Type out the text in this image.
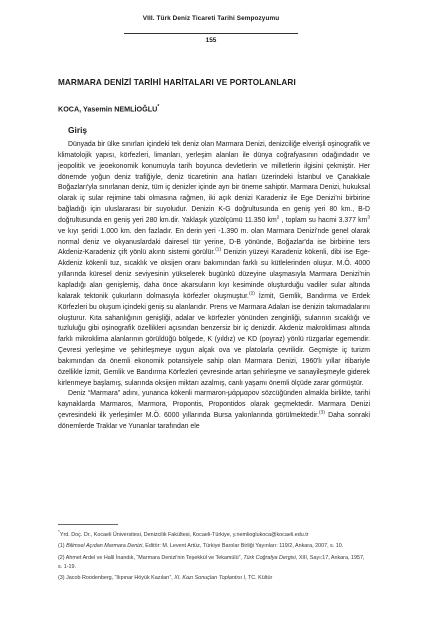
VIII. Türk Deniz Ticareti Tarihi Sempozyumu
155
MARMARA DENİZİ TARİHİ HARİTALARI VE PORTOLANLARI
KOCA, Yasemin NEMLİOĞLU*
Giriş

Dünyada bir ülke sınırları içindeki tek deniz olan Marmara Denizi, denizciliğe elverişli oşinografik ve klimatolojik yapısı, körfezleri, limanları, yerleşim alanları ile dünya coğrafyasının odağındadır ve jeopolitik ve jeoekonomik konumuyla tarih boyunca devletlerin ve milletlerin ilgisini çekmiştir. Her dönemde yoğun deniz trafiğiyle, deniz ticaretinin ana hatları üzerindeki İstanbul ve Çanakkale Boğazları'yla sınırlanan deniz, tüm iç denizler içinde ayrı bir öneme sahiptir. Marmara Denizi, hukuksal olarak iç sular rejimine tabi olmasına rağmen, iki açık denizi Karadeniz ile Ege Denizi'ni birbirine bağladığı için uluslararası bir suyoludur. Denizin K-G doğrultusunda en geniş yeri 80 km., B-D doğrultusunda en geniş yeri 280 km.dir. Yaklaşık yüzölçümü 11.350 $km^2$ , toplam su hacmi 3.377 $km^3$ ve kıyı şeridi 1.000 km. den fazladır. En derin yeri -1.390 m. olan Marmara Denizi'nde genel olarak normal deniz ve okyanuslardaki dairesel tür yerine, D-B yönünde, Boğazlar'da ise birbirine ters Akdeniz-Karadeniz çift yönlü akıntı sistemi görülür.$^{(1)}$ Denizin yüzeyi Karadeniz kökenli, dibi ise Ege-Akdeniz kökenli tuz, sıcaklık ve oksijen oranı bakımından farklı su kütlelerinden oluşur. M.Ö. 4000 yıllarında küresel deniz seviyesinin yükselerek bugünkü düzeyine ulaşmasıyla Marmara Denizi'nin kapladığı alan genişlemiş, daha önce akarsuların kıyı kesiminde oluşturduğu vadiler sular altında kalarak tektonik çukurların dolmasıyla körfezler oluşmuştur.$^{(2)}$ İzmit, Gemlik, Bandırma ve Erdek Körfezleri bu oluşum içindeki geniş su alanlarıdır. Prens ve Marmara Adaları ise denizin takımadalarını oluşturur. Kıta sahanlığının genişliği, adalar ve körfezler yönünden zenginliği, sularının sıcaklığı ve tuzluluğu gibi oşinografik özellikleri açısından benzersiz bir iç denizdir. Akdeniz makrokliması altında farklı mikroklima alanlarının görüldüğü bölgede, K (yıldız) ve KD (poyraz) yönlü rüzgarlar egemendir. Çevresi yerleşime ve şehirleşmeye uygun alçak ova ve platolarla çevrilidir. Geçmişte iç turizm bakımından da önemli ekonomik potansiyele sahip olan Marmara Denizi, 1960'lı yıllar itibariyle özellikle İzmit, Gemlik ve Bandırma Körfezleri çevresinde artan şehirleşme ve sanayileşmeyle giderek kirlenmeye başlamış, sularında oksijen miktarı azalmış, canlı yaşamı önemli ölçüde zarar görmüştür.

Deniz “Marmara” adını, yunanca kökenli marmaron-μάρμαρον sözcüğünden almakla birlikte, tarihi kaynaklarda Marmaros, Marmora, Propontis, Propontidos olarak geçmektedir. Marmara Denizi çevresindeki ilk yerleşimler M.Ö. 6000 yıllarında Bursa yakınlarında görülmektedir.$^{(3)}$ Daha sonraki dönemlerde Traklar ve Yunanlar tarafından ele

*Yrd. Doç. Dr., Kocaeli Üniversitesi, Denizcilik Fakültesi, Kocaeli-Türkiye, y.nemlioglukoca@kocaeli.edu.tr
(1) Bilimsel Açıdan Marmara Denizi, Editör: M. Levent Artüz, Türkiye Barolar Birliği Yayınları: 119/2, Ankara, 2007, s. 10.
(2) Ahmet Ardel ve Halil İnandık, “Marmara Denizi'nin Teşekkül ve Tekamülü”, Türk Coğrafya Dergisi, XIII, Sayı:17, Ankara, 1957, s. 1-19.
(3) Jacob Roodenberg, “Ilıpınar Höyük Kazıları”, XI. Kazı Sonuçları Toplantısı I, TC. Kültür
